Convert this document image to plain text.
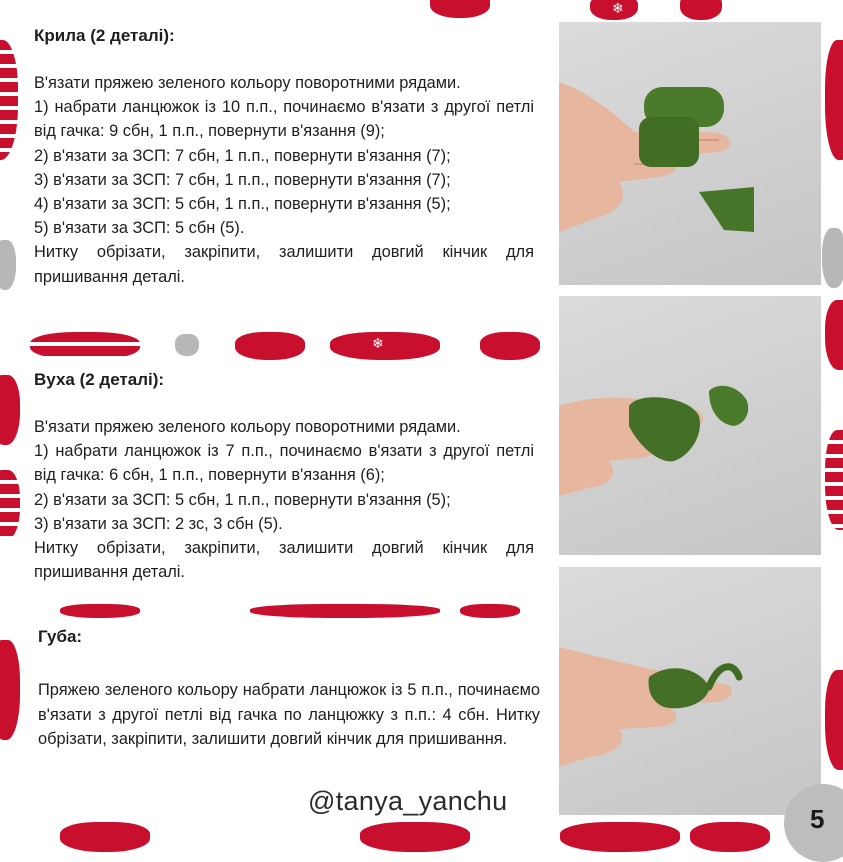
❄
❄
Крила (2 деталі):

В'язати пряжею зеленого кольору поворотними рядами.

1) набрати ланцюжок із 10 п.п., починаємо в'язати з другої петлі від гачка: 9 сбн, 1 п.п., повернути в'язання (9);

2) в'язати за ЗСП: 7 сбн, 1 п.п., повернути в'язання (7);

3) в'язати за ЗСП: 7 сбн, 1 п.п., повернути в'язання (7);

4) в'язати за ЗСП: 5 сбн, 1 п.п., повернути в'язання (5);

5) в'язати за ЗСП: 5 сбн (5).

Нитку обрізати, закріпити, залишити довгий кінчик для пришивання деталі.

Вуха (2 деталі):

В'язати пряжею зеленого кольору поворотними рядами.

1) набрати ланцюжок із 7 п.п., починаємо в'язати з другої петлі від гачка: 6 сбн, 1 п.п., повернути в'язання (6);

2) в'язати за ЗСП: 5 сбн, 1 п.п., повернути в'язання (5);

3) в'язати за ЗСП: 2 зс, 3 сбн (5).

Нитку обрізати, закріпити, залишити довгий кінчик для пришивання деталі.

Губа:

Пряжею зеленого кольору набрати ланцюжок із 5 п.п., починаємо в'язати з другої петлі від гачка по ланцюжку з п.п.: 4 сбн. Нитку обрізати, закріпити, залишити довгий кінчик для пришивання.

@tanya_yanchu
5
